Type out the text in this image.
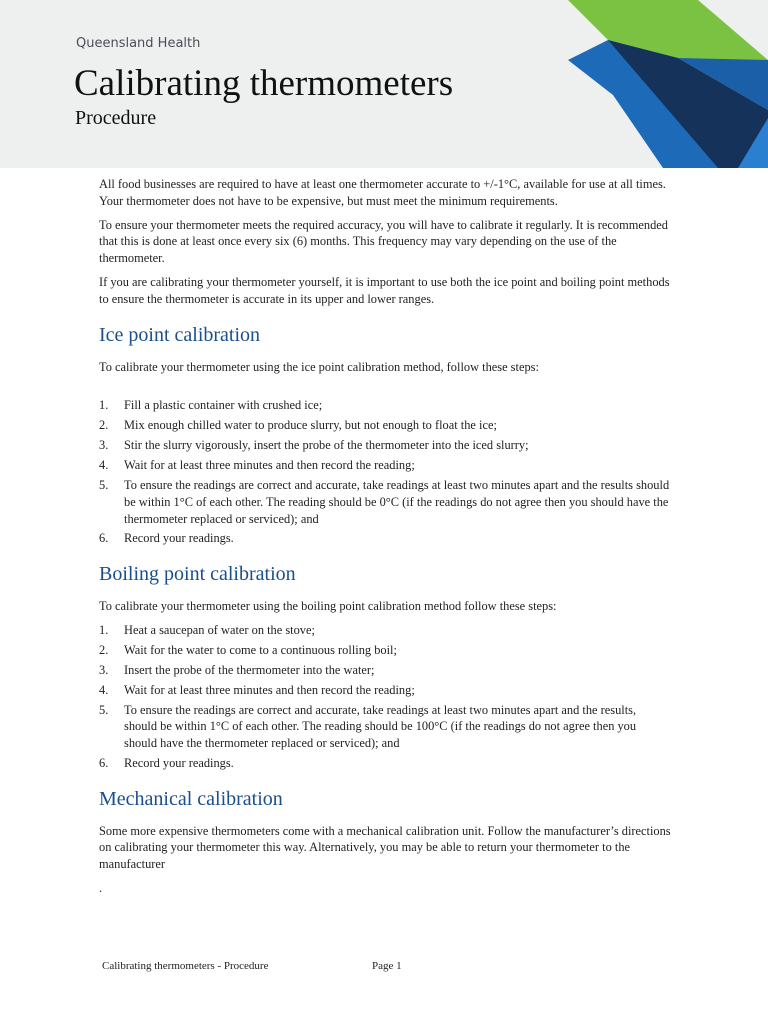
Queensland Health
Calibrating thermometers
Procedure

All food businesses are required to have at least one thermometer accurate to +/-1°C, available for use at all times. Your thermometer does not have to be expensive, but must meet the minimum requirements.

To ensure your thermometer meets the required accuracy, you will have to calibrate it regularly. It is recommended that this is done at least once every six (6) months. This frequency may vary depending on the use of the thermometer.

If you are calibrating your thermometer yourself, it is important to use both the ice point and boiling point methods to ensure the thermometer is accurate in its upper and lower ranges.

Ice point calibration

To calibrate your thermometer using the ice point calibration method, follow these steps:

1. Fill a plastic container with crushed ice;
2. Mix enough chilled water to produce slurry, but not enough to float the ice;
3. Stir the slurry vigorously, insert the probe of the thermometer into the iced slurry;
4. Wait for at least three minutes and then record the reading;
5. To ensure the readings are correct and accurate, take readings at least two minutes apart and the results should be within 1°C of each other. The reading should be 0°C (if the readings do not agree then you should have the thermometer replaced or serviced); and
6. Record your readings.
Boiling point calibration

To calibrate your thermometer using the boiling point calibration method follow these steps:

1. Heat a saucepan of water on the stove;
2. Wait for the water to come to a continuous rolling boil;
3. Insert the probe of the thermometer into the water;
4. Wait for at least three minutes and then record the reading;
5. To ensure the readings are correct and accurate, take readings at least two minutes apart and the results, should be within 1°C of each other. The reading should be 100°C (if the readings do not agree then you should have the thermometer replaced or serviced); and
6. Record your readings.
Mechanical calibration

Some more expensive thermometers come with a mechanical calibration unit. Follow the manufacturer’s directions on calibrating your thermometer this way. Alternatively, you may be able to return your thermometer to the manufacturer

.

Calibrating thermometers - Procedure	Page 1
